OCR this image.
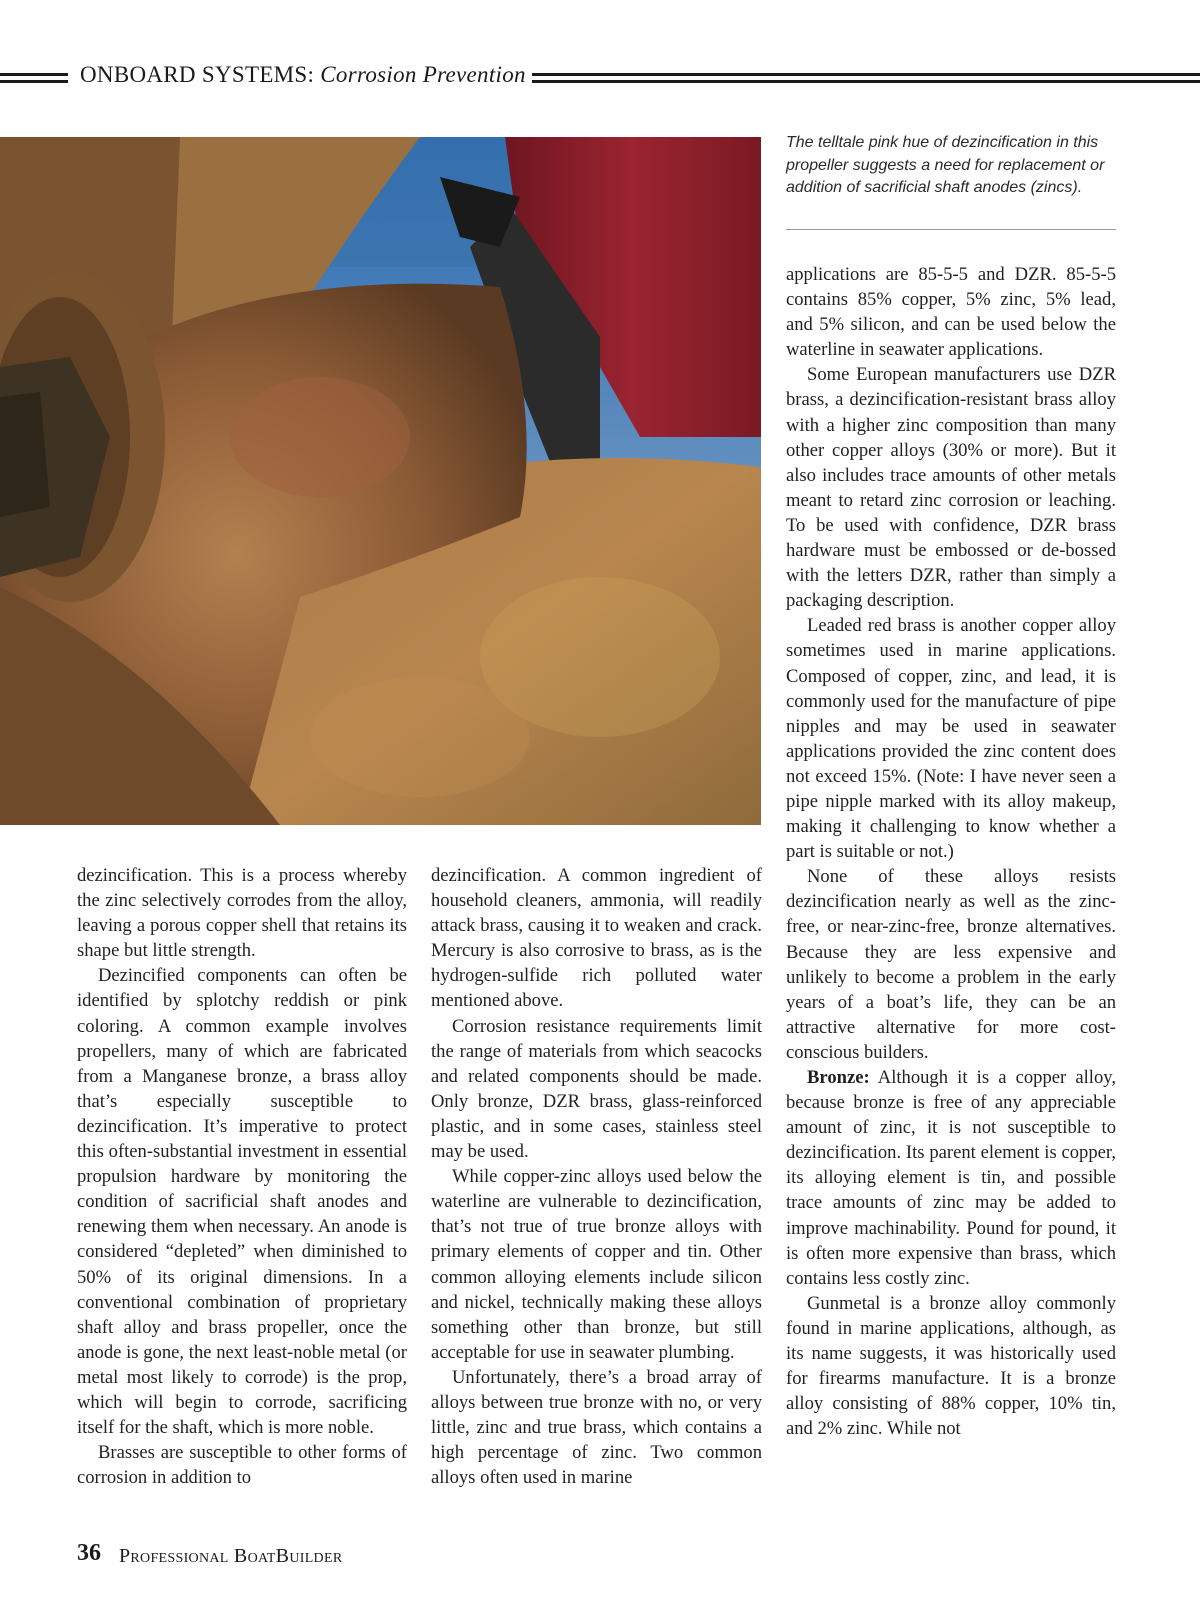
ONBOARD SYSTEMS: Corrosion Prevention
The telltale pink hue of dezincification in this propeller suggests a need for replacement or addition of sacrificial shaft anodes (zincs).

dezincification. This is a process whereby the zinc selectively corrodes from the alloy, leaving a porous copper shell that retains its shape but little strength.

Dezincified components can often be identified by splotchy reddish or pink coloring. A common example involves propellers, many of which are fabricated from a Manganese bronze, a brass alloy that’s especially susceptible to dezincification. It’s imperative to protect this often-substantial investment in essential propulsion hardware by monitoring the condition of sacrificial shaft anodes and renewing them when necessary. An anode is considered “depleted” when diminished to 50% of its original dimensions. In a conventional combination of proprietary shaft alloy and brass propeller, once the anode is gone, the next least-noble metal (or metal most likely to corrode) is the prop, which will begin to corrode, sacrificing itself for the shaft, which is more noble.

Brasses are susceptible to other forms of corrosion in addition to

dezincification. A common ingredient of household cleaners, ammonia, will readily attack brass, causing it to weaken and crack. Mercury is also corrosive to brass, as is the hydrogen-sulfide rich polluted water mentioned above.

Corrosion resistance requirements limit the range of materials from which seacocks and related components should be made. Only bronze, DZR brass, glass-reinforced plastic, and in some cases, stainless steel may be used.

While copper-zinc alloys used below the waterline are vulnerable to dezincification, that’s not true of true bronze alloys with primary elements of copper and tin. Other common alloying elements include silicon and nickel, technically making these alloys something other than bronze, but still acceptable for use in seawater plumbing.

Unfortunately, there’s a broad array of alloys between true bronze with no, or very little, zinc and true brass, which contains a high percentage of zinc. Two common alloys often used in marine

applications are 85-5-5 and DZR. 85-5-5 contains 85% copper, 5% zinc, 5% lead, and 5% silicon, and can be used below the waterline in seawater applications.

Some European manufacturers use DZR brass, a dezincification-resistant brass alloy with a higher zinc composition than many other copper alloys (30% or more). But it also includes trace amounts of other metals meant to retard zinc corrosion or leaching. To be used with confidence, DZR brass hardware must be embossed or de-bossed with the letters DZR, rather than simply a packaging description.

Leaded red brass is another copper alloy sometimes used in marine applications. Composed of copper, zinc, and lead, it is commonly used for the manufacture of pipe nipples and may be used in seawater applications provided the zinc content does not exceed 15%. (Note: I have never seen a pipe nipple marked with its alloy makeup, making it challenging to know whether a part is suitable or not.)

None of these alloys resists dezincification nearly as well as the zinc-free, or near-zinc-free, bronze alternatives. Because they are less expensive and unlikely to become a problem in the early years of a boat’s life, they can be an attractive alternative for more cost-conscious builders.

Bronze: Although it is a copper alloy, because bronze is free of any appreciable amount of zinc, it is not susceptible to dezincification. Its parent element is copper, its alloying element is tin, and possible trace amounts of zinc may be added to improve machinability. Pound for pound, it is often more expensive than brass, which contains less costly zinc.

Gunmetal is a bronze alloy commonly found in marine applications, although, as its name suggests, it was historically used for firearms manufacture. It is a bronze alloy consisting of 88% copper, 10% tin, and 2% zinc. While not

36 Professional BoatBuilder
